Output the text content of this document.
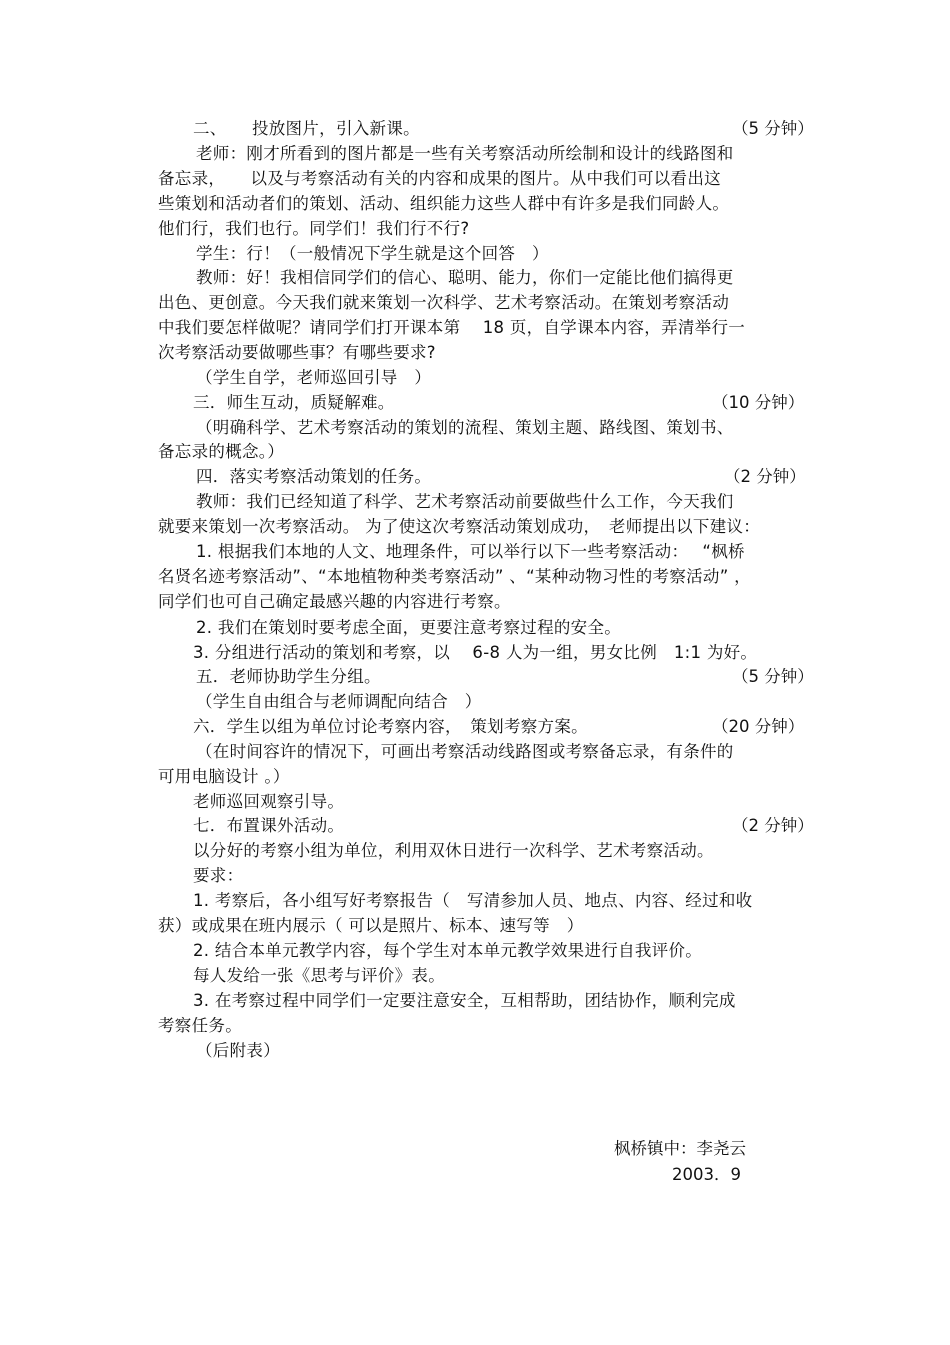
二、　　投放图片，引入新课。	（5 分钟）
老师：刚才所看到的图片都是一些有关考察活动所绘制和设计的线路图和
备忘录，　　以及与考察活动有关的内容和成果的图片。从中我们可以看出这
些策划和活动者们的策划、活动、组织能力这些人群中有许多是我们同龄人。
他们行，我们也行。同学们！我们行不行?
学生：行！（一般情况下学生就是这个回答　）
教师：好！我相信同学们的信心、聪明、能力，你们一定能比他们搞得更
出色、更创意。今天我们就来策划一次科学、艺术考察活动。在策划考察活动
中我们要怎样做呢？请同学们打开课本第　 18 页，自学课本内容，弄清举行一
次考察活动要做哪些事？有哪些要求?
（学生自学，老师巡回引导　）
三．师生互动，质疑解难。	（10 分钟）
（明确科学、艺术考察活动的策划的流程、策划主题、路线图、策划书、
备忘录的概念。）
四．落实考察活动策划的任务。	（2 分钟）
教师：我们已经知道了科学、艺术考察活动前要做些什么工作，今天我们
就要来策划一次考察活动。 为了使这次考察活动策划成功，　老师提出以下建议：
1. 根据我们本地的人文、地理条件，可以举行以下一些考察活动：　 “枫桥
名贤名迹考察活动”、“本地植物种类考察活动” 、“某种动物习性的考察活动” ，
同学们也可自己确定最感兴趣的内容进行考察。
2. 我们在策划时要考虑全面，更要注意考察过程的安全。
3. 分组进行活动的策划和考察，以　 6-8 人为一组，男女比例　1:1 为好。
五．老师协助学生分组。	（5 分钟）
（学生自由组合与老师调配向结合　）
六．学生以组为单位讨论考察内容，　策划考察方案。	（20 分钟）
（在时间容许的情况下，可画出考察活动线路图或考察备忘录，有条件的
可用电脑设计 。）
老师巡回观察引导。
七．布置课外活动。	（2 分钟）
以分好的考察小组为单位，利用双休日进行一次科学、艺术考察活动。
要求：
1. 考察后，各小组写好考察报告（　写清参加人员、地点、内容、经过和收
获）或成果在班内展示（ 可以是照片、标本、速写等　）
2. 结合本单元教学内容，每个学生对本单元教学效果进行自我评价。
每人发给一张《思考与评价》表。
3. 在考察过程中同学们一定要注意安全，互相帮助，团结协作，顺利完成
考察任务。
（后附表）
枫桥镇中：李尧云
2003．9
